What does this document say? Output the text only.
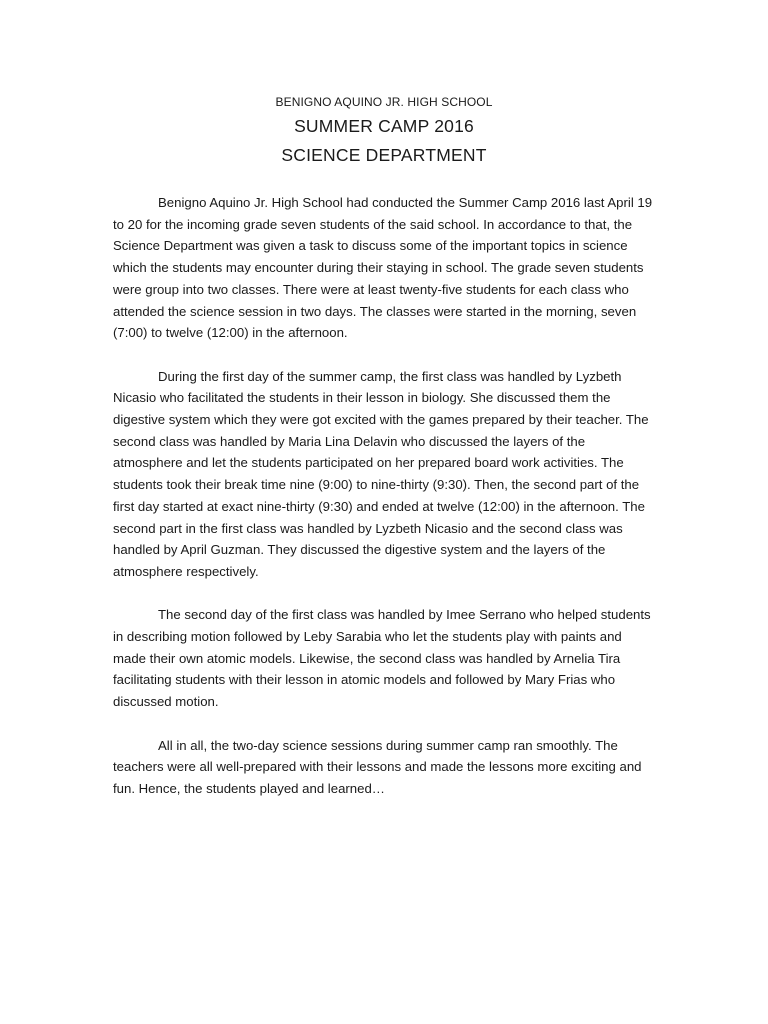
BENIGNO AQUINO JR. HIGH SCHOOL

SUMMER CAMP 2016
SCIENCE DEPARTMENT

Benigno Aquino Jr. High School had conducted the Summer Camp 2016 last April 19 to 20 for the incoming grade seven students of the said school. In accordance to that, the Science Department was given a task to discuss some of the important topics in science which the students may encounter during their staying in school. The grade seven students were group into two classes. There were at least twenty-five students for each class who attended the science session in two days. The classes were started in the morning, seven (7:00) to twelve (12:00) in the afternoon.

During the first day of the summer camp, the first class was handled by Lyzbeth Nicasio who facilitated the students in their lesson in biology. She discussed them the digestive system which they were got excited with the games prepared by their teacher. The second class was handled by Maria Lina Delavin who discussed the layers of the atmosphere and let the students participated on her prepared board work activities. The students took their break time nine (9:00) to nine-thirty (9:30). Then, the second part of the first day started at exact nine-thirty (9:30) and ended at twelve (12:00) in the afternoon. The second part in the first class was handled by Lyzbeth Nicasio and the second class was handled by April Guzman. They discussed the digestive system and the layers of the atmosphere respectively.

The second day of the first class was handled by Imee Serrano who helped students in describing motion followed by Leby Sarabia who let the students play with paints and made their own atomic models. Likewise, the second class was handled by Arnelia Tira facilitating students with their lesson in atomic models and followed by Mary Frias who discussed motion.

All in all, the two-day science sessions during summer camp ran smoothly. The teachers were all well-prepared with their lessons and made the lessons more exciting and fun. Hence, the students played and learned…
